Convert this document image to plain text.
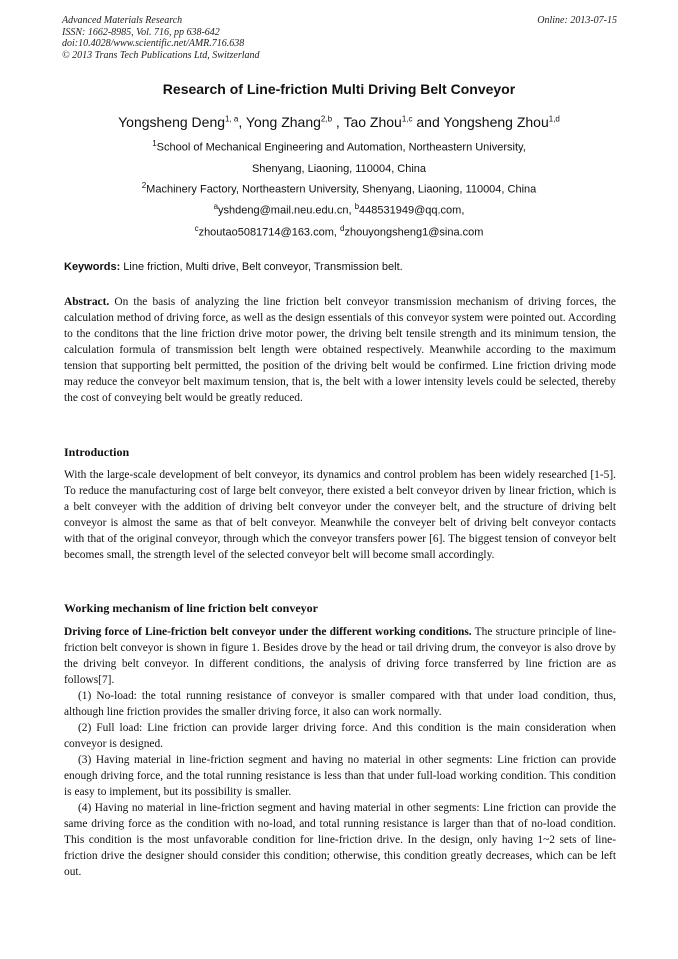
Advanced Materials Research
ISSN: 1662-8985, Vol. 716, pp 638-642
doi:10.4028/www.scientific.net/AMR.716.638
© 2013 Trans Tech Publications Ltd, Switzerland
Online: 2013-07-15
Research of Line-friction Multi Driving Belt Conveyor
Yongsheng Deng$^{1, a}$, Yong Zhang$^{2,b}$ , Tao Zhou$^{1,c}$ and Yongsheng Zhou$^{1,d}$
$^1$School of Mechanical Engineering and Automation, Northeastern University,
Shenyang, Liaoning, 110004, China
$^2$Machinery Factory, Northeastern University, Shenyang, Liaoning, 110004, China
$^a$yshdeng@mail.neu.edu.cn, $^b$448531949@qq.com,
$^c$zhoutao5081714@163.com, $^d$zhouyongsheng1@sina.com
Keywords: Line friction, Multi drive, Belt conveyor, Transmission belt.

Abstract. On the basis of analyzing the line friction belt conveyor transmission mechanism of driving forces, the calculation method of driving force, as well as the design essentials of this conveyor system were pointed out. According to the conditons that the line friction drive motor power, the driving belt tensile strength and its minimum tension, the calculation formula of transmission belt length were obtained respectively. Meanwhile according to the maximum tension that supporting belt permitted, the position of the driving belt would be confirmed. Line friction driving mode may reduce the conveyor belt maximum tension, that is, the belt with a lower intensity levels could be selected, thereby the cost of conveying belt would be greatly reduced.

Introduction

With the large-scale development of belt conveyor, its dynamics and control problem has been widely researched [1-5]. To reduce the manufacturing cost of large belt conveyor, there existed a belt conveyor driven by linear friction, which is a belt conveyer with the addition of driving belt conveyor under the conveyer belt, and the structure of driving belt conveyor is almost the same as that of belt conveyor. Meanwhile the conveyer belt of driving belt conveyor contacts with that of the original conveyor, through which the conveyor transfers power [6]. The biggest tension of conveyor belt becomes small, the strength level of the selected conveyor belt will become small accordingly.

Working mechanism of line friction belt conveyor

Driving force of Line-friction belt conveyor under the different working conditions. The structure principle of line-friction belt conveyor is shown in figure 1. Besides drove by the head or tail driving drum, the conveyor is also drove by the driving belt conveyor. In different conditions, the analysis of driving force transferred by line friction are as follows[7].

(1) No-load: the total running resistance of conveyor is smaller compared with that under load condition, thus, although line friction provides the smaller driving force, it also can work normally.

(2) Full load: Line friction can provide larger driving force. And this condition is the main consideration when conveyor is designed.

(3) Having material in line-friction segment and having no material in other segments: Line friction can provide enough driving force, and the total running resistance is less than that under full-load working condition. This condition is easy to implement, but its possibility is smaller.

(4) Having no material in line-friction segment and having material in other segments: Line friction can provide the same driving force as the condition with no-load, and total running resistance is larger than that of no-load condition. This condition is the most unfavorable condition for line-friction drive. In the design, only having 1~2 sets of line-friction drive the designer should consider this condition; otherwise, this condition greatly decreases, which can be left out.
